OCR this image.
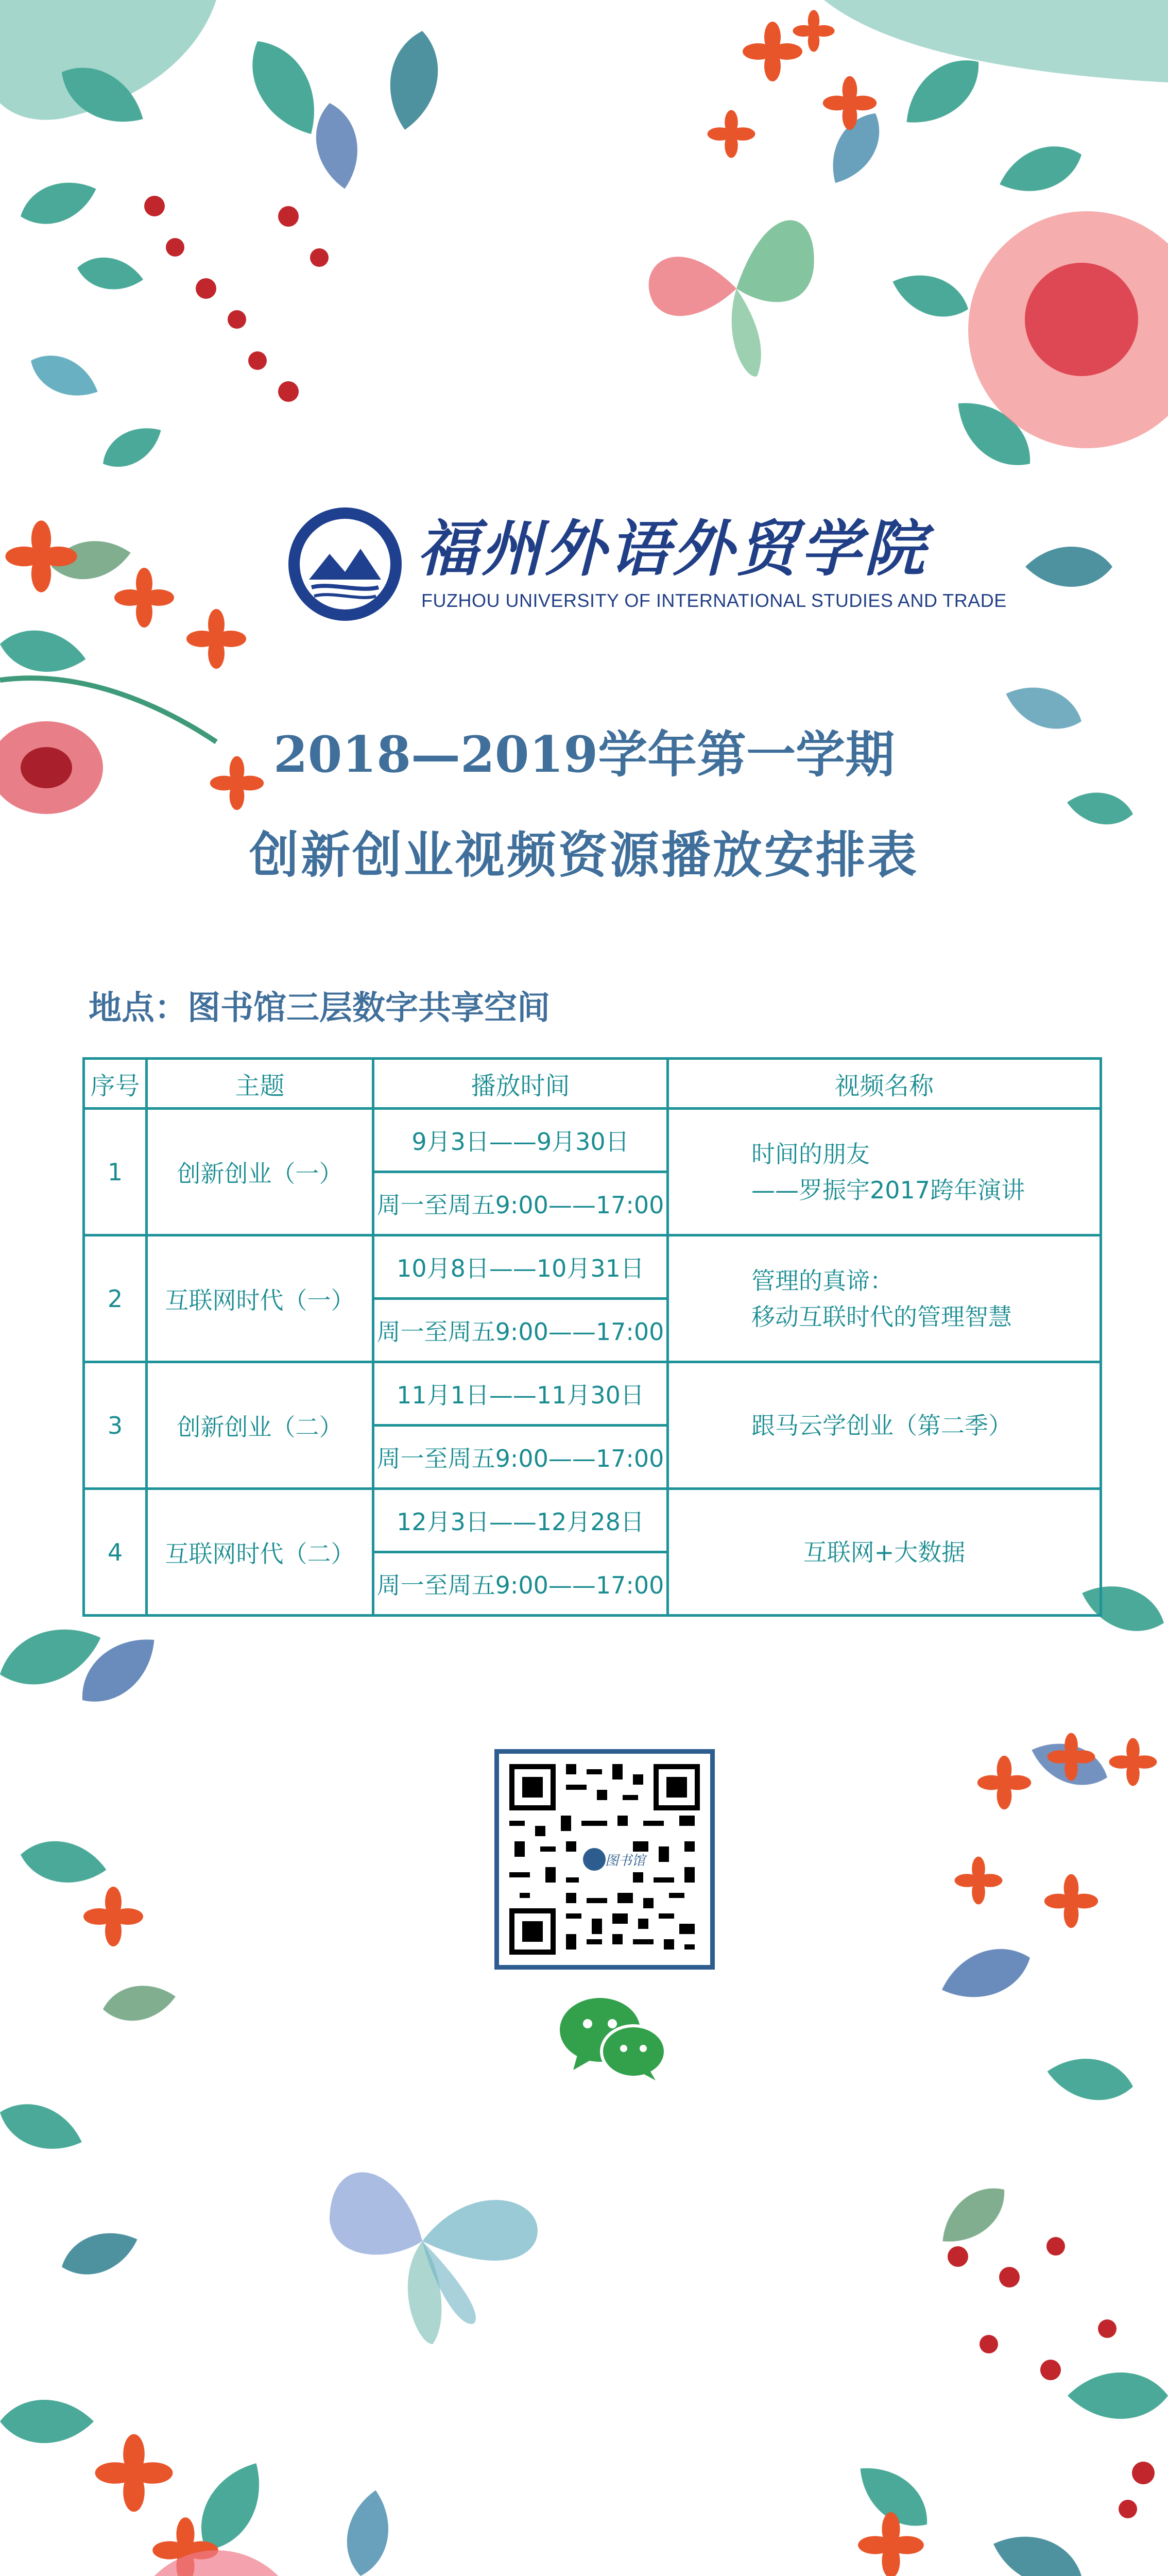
福州外语外贸学院
FUZHOU UNIVERSITY OF INTERNATIONAL STUDIES AND TRADE
2018—2019学年第一学期
创新创业视频资源播放安排表
地点：图书馆三层数字共享空间
序号	主题	播放时间	视频名称
1	创新创业（一）	9月3日——9月30日	时间的朋友
——罗振宇2017跨年演讲

		周一至周五9:00——17:00	
2	互联网时代（一）	10月8日——10月31日	管理的真谛：
移动互联时代的管理智慧

		周一至周五9:00——17:00	
3	创新创业（二）	11月1日——11月30日	跟马云学创业（第二季）

		周一至周五9:00——17:00	
4	互联网时代（二）	12月3日——12月28日	互联网+大数据

		周一至周五9:00——17:00	
图书馆
